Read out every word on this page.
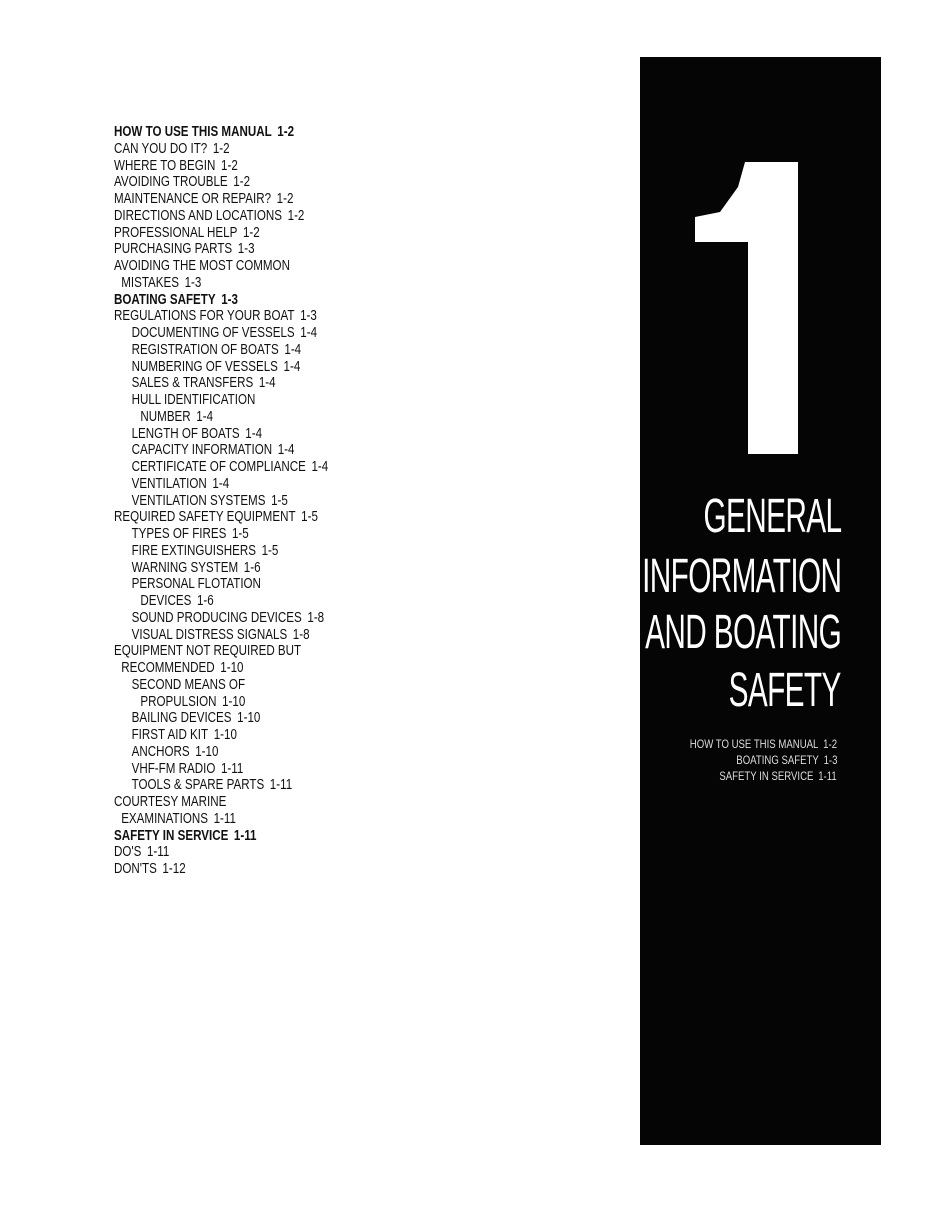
HOW TO USE THIS MANUAL 1-2
CAN YOU DO IT? 1-2
WHERE TO BEGIN 1-2
AVOIDING TROUBLE 1-2
MAINTENANCE OR REPAIR? 1-2
DIRECTIONS AND LOCATIONS 1-2
PROFESSIONAL HELP 1-2
PURCHASING PARTS 1-3
AVOIDING THE MOST COMMON
MISTAKES 1-3
BOATING SAFETY 1-3
REGULATIONS FOR YOUR BOAT 1-3
DOCUMENTING OF VESSELS 1-4
REGISTRATION OF BOATS 1-4
NUMBERING OF VESSELS 1-4
SALES & TRANSFERS 1-4
HULL IDENTIFICATION
NUMBER 1-4
LENGTH OF BOATS 1-4
CAPACITY INFORMATION 1-4
CERTIFICATE OF COMPLIANCE 1-4
VENTILATION 1-4
VENTILATION SYSTEMS 1-5
REQUIRED SAFETY EQUIPMENT 1-5
TYPES OF FIRES 1-5
FIRE EXTINGUISHERS 1-5
WARNING SYSTEM 1-6
PERSONAL FLOTATION
DEVICES 1-6
SOUND PRODUCING DEVICES 1-8
VISUAL DISTRESS SIGNALS 1-8
EQUIPMENT NOT REQUIRED BUT
RECOMMENDED 1-10
SECOND MEANS OF
PROPULSION 1-10
BAILING DEVICES 1-10
FIRST AID KIT 1-10
ANCHORS 1-10
VHF-FM RADIO 1-11
TOOLS & SPARE PARTS 1-11
COURTESY MARINE
EXAMINATIONS 1-11
SAFETY IN SERVICE 1-11
DO'S 1-11
DON'TS 1-12
GENERAL
INFORMATION
AND BOATING
SAFETY
HOW TO USE THIS MANUAL 1-2
BOATING SAFETY 1-3
SAFETY IN SERVICE 1-11
